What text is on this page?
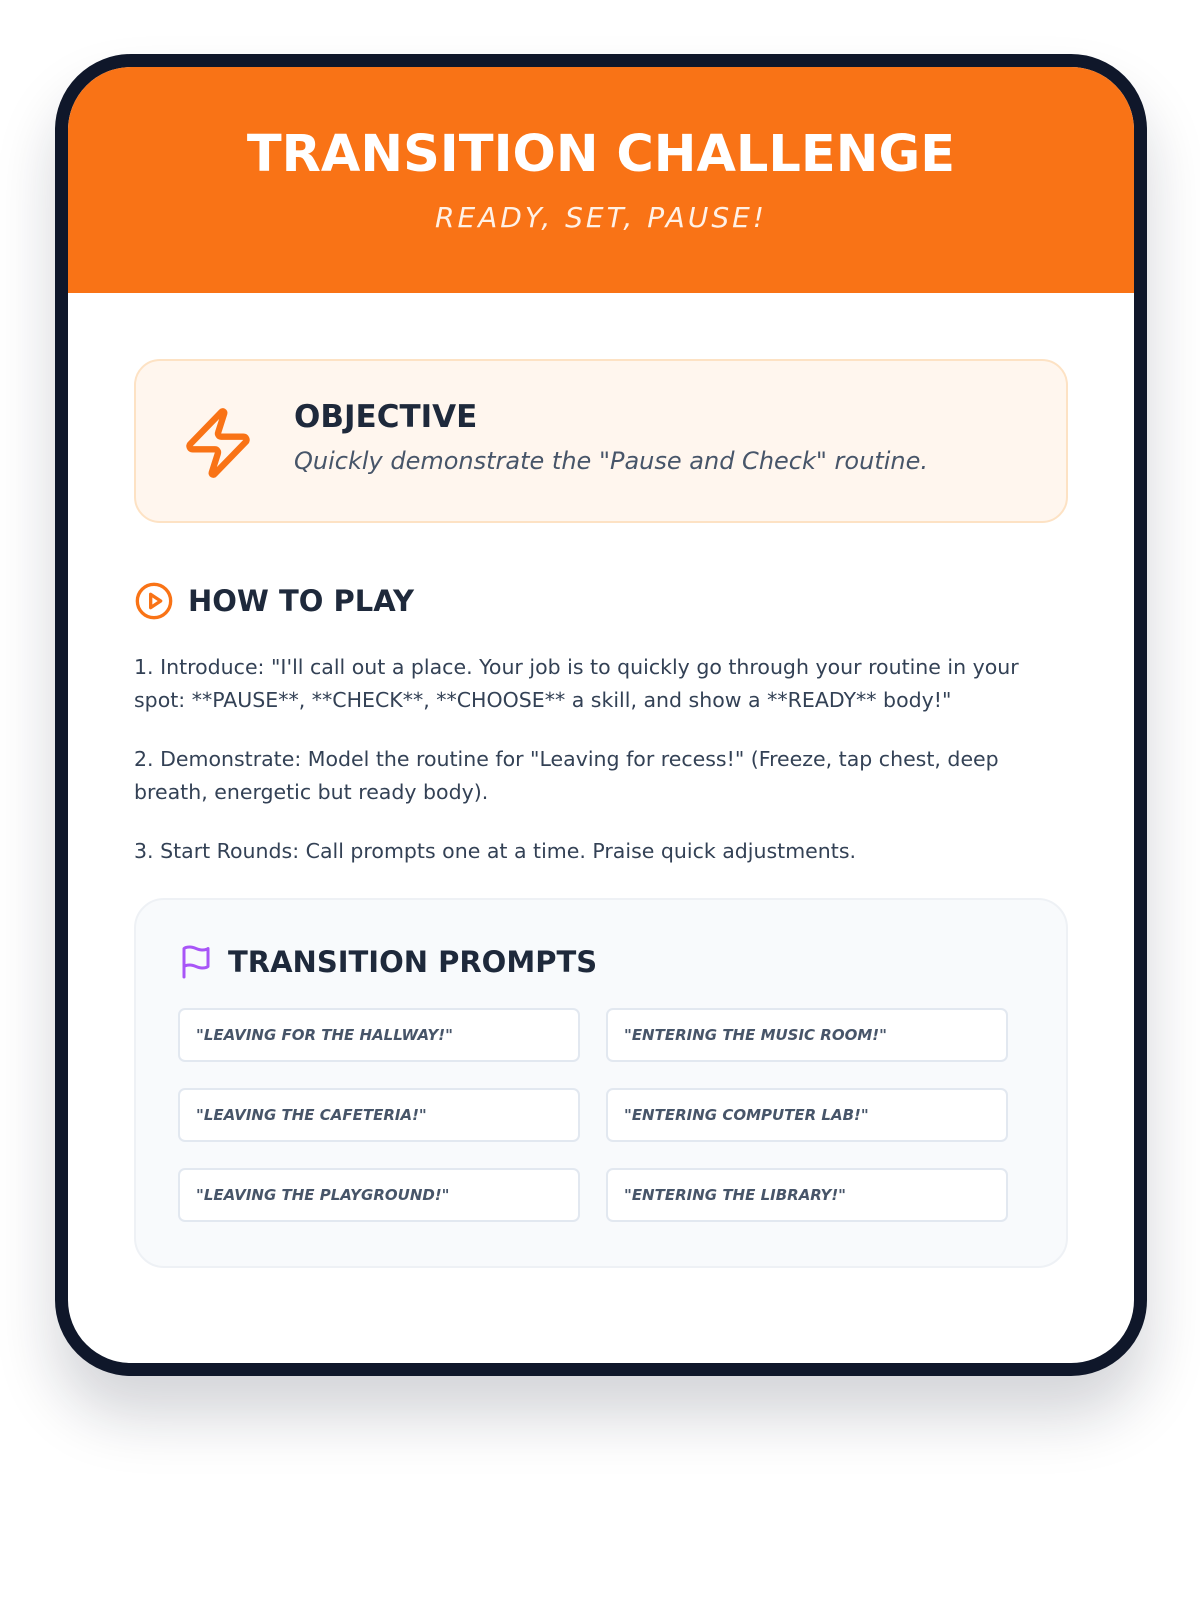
TRANSITION CHALLENGE
READY, SET, PAUSE!
OBJECTIVE

Quickly demonstrate the "Pause and Check" routine.

HOW TO PLAY

1. Introduce: "I'll call out a place. Your job is to quickly go through your routine in your spot: **PAUSE**, **CHECK**, **CHOOSE** a skill, and show a **READY** body!"

2. Demonstrate: Model the routine for "Leaving for recess!" (Freeze, tap chest, deep breath, energetic but ready body).

3. Start Rounds: Call prompts one at a time. Praise quick adjustments.

TRANSITION PROMPTS
"LEAVING FOR THE HALLWAY!"	"ENTERING THE MUSIC ROOM!"
"LEAVING THE CAFETERIA!"	"ENTERING COMPUTER LAB!"
"LEAVING THE PLAYGROUND!"	"ENTERING THE LIBRARY!"
